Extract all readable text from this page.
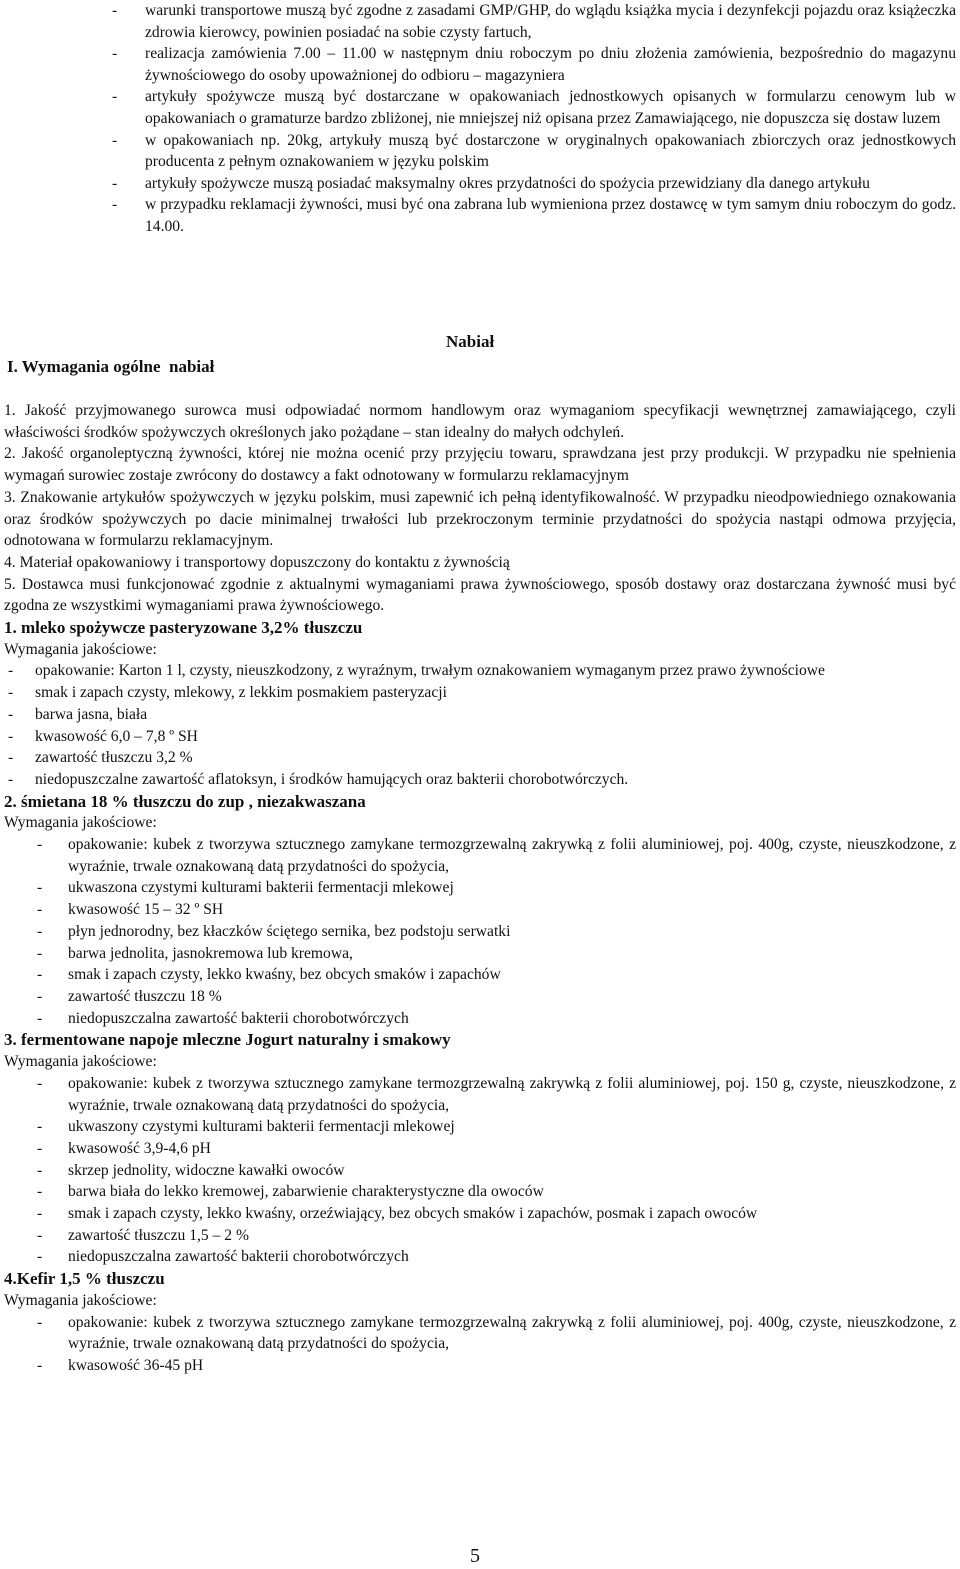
-	warunki transportowe muszą być zgodne z zasadami GMP/GHP, do wglądu książka mycia i dezynfekcji pojazdu oraz książeczka zdrowia kierowcy, powinien posiadać na sobie czysty fartuch,
-	realizacja zamówienia 7.00 – 11.00 w następnym dniu roboczym po dniu złożenia zamówienia, bezpośrednio do magazynu żywnościowego do osoby upoważnionej do odbioru – magazyniera
-	artykuły spożywcze muszą być dostarczane w opakowaniach jednostkowych opisanych w formularzu cenowym lub w opakowaniach o gramaturze bardzo zbliżonej, nie mniejszej niż opisana przez Zamawiającego, nie dopuszcza się dostaw luzem
-	w opakowaniach np. 20kg, artykuły muszą być dostarczone w oryginalnych opakowaniach zbiorczych oraz jednostkowych producenta z pełnym oznakowaniem w języku polskim
-	artykuły spożywcze muszą posiadać maksymalny okres przydatności do spożycia przewidziany dla danego artykułu
-	w przypadku reklamacji żywności, musi być ona zabrana lub wymieniona przez dostawcę w tym samym dniu roboczym do godz. 14.00.
Nabiał
I. Wymagania ogólne  nabiał
1. Jakość przyjmowanego surowca musi odpowiadać normom handlowym oraz wymaganiom specyfikacji wewnętrznej zamawiającego, czyli właściwości środków spożywczych określonych jako pożądane – stan idealny do małych odchyleń.
2. Jakość organoleptyczną żywności, której nie można ocenić przy przyjęciu towaru, sprawdzana jest przy produkcji. W przypadku nie spełnienia wymagań surowiec zostaje zwrócony do dostawcy a fakt odnotowany w formularzu reklamacyjnym
3. Znakowanie artykułów spożywczych w języku polskim, musi zapewnić ich pełną identyfikowalność. W przypadku nieodpowiedniego oznakowania oraz środków spożywczych po dacie minimalnej trwałości lub przekroczonym terminie przydatności do spożycia nastąpi odmowa przyjęcia, odnotowana w formularzu reklamacyjnym.
4. Materiał opakowaniowy i transportowy dopuszczony do kontaktu z żywnością
5. Dostawca musi funkcjonować zgodnie z aktualnymi wymaganiami prawa żywnościowego, sposób dostawy oraz dostarczana żywność musi być zgodna ze wszystkimi wymaganiami prawa żywnościowego.
1. mleko spożywcze pasteryzowane 3,2% tłuszczu
Wymagania jakościowe:
-	opakowanie: Karton 1 l, czysty, nieuszkodzony, z wyraźnym, trwałym oznakowaniem wymaganym przez prawo żywnościowe
-	smak i zapach czysty, mlekowy, z lekkim posmakiem pasteryzacji
-	barwa jasna, biała
-	kwasowość 6,0 – 7,8 º SH
-	zawartość tłuszczu 3,2 %
-	niedopuszczalne zawartość aflatoksyn, i środków hamujących oraz bakterii chorobotwórczych.
2. śmietana 18 % tłuszczu do zup , niezakwaszana
Wymagania jakościowe:
-	opakowanie: kubek z tworzywa sztucznego zamykane termozgrzewalną zakrywką z folii aluminiowej, poj. 400g, czyste, nieuszkodzone, z wyraźnie, trwale oznakowaną datą przydatności do spożycia,
-	ukwaszona czystymi kulturami bakterii fermentacji mlekowej
-	kwasowość 15 – 32 º SH
-	płyn jednorodny, bez kłaczków ściętego sernika, bez podstoju serwatki
-	barwa jednolita, jasnokremowa lub kremowa,
-	smak i zapach czysty, lekko kwaśny, bez obcych smaków i zapachów
-	zawartość tłuszczu 18 %
-	niedopuszczalna zawartość bakterii chorobotwórczych
3. fermentowane napoje mleczne Jogurt naturalny i smakowy
Wymagania jakościowe:
-	opakowanie: kubek z tworzywa sztucznego zamykane termozgrzewalną zakrywką z folii aluminiowej, poj. 150 g, czyste, nieuszkodzone, z wyraźnie, trwale oznakowaną datą przydatności do spożycia,
-	ukwaszony czystymi kulturami bakterii fermentacji mlekowej
-	kwasowość 3,9-4,6 pH
-	skrzep jednolity, widoczne kawałki owoców
-	barwa biała do lekko kremowej, zabarwienie charakterystyczne dla owoców
-	smak i zapach czysty, lekko kwaśny, orzeźwiający, bez obcych smaków i zapachów, posmak i zapach owoców
-	zawartość tłuszczu 1,5 – 2 %
-	niedopuszczalna zawartość bakterii chorobotwórczych
4.Kefir 1,5 % tłuszczu
Wymagania jakościowe:
-	opakowanie: kubek z tworzywa sztucznego zamykane termozgrzewalną zakrywką z folii aluminiowej, poj. 400g, czyste, nieuszkodzone, z wyraźnie, trwale oznakowaną datą przydatności do spożycia,
-	kwasowość 36-45 pH
5
